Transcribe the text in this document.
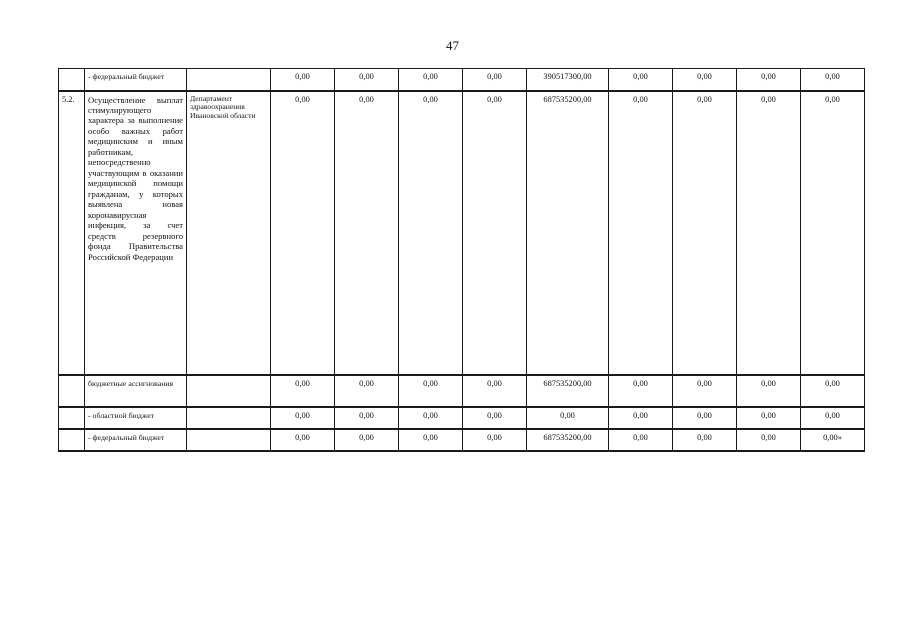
47
	- федеральный бюджет		0,00	0,00	0,00	0,00	390517300,00	0,00	0,00	0,00	0,00
5.2.	Осуществление выплат стимулирующего характера за выполнение особо важных работ медицинским и иным работникам, непосредственно участвующим в оказании медицинской помощи гражданам, у которых выявлена новая коронавирусная инфекция, за счет средств резервного фонда Правительства Российской Федерации	Департамент здравоохранения Ивановской области	0,00	0,00	0,00	0,00	687535200,00	0,00	0,00	0,00	0,00
	бюджетные ассигнования		0,00	0,00	0,00	0,00	687535200,00	0,00	0,00	0,00	0,00
	- областной бюджет		0,00	0,00	0,00	0,00	0,00	0,00	0,00	0,00	0,00
	- федеральный бюджет		0,00	0,00	0,00	0,00	687535200,00	0,00	0,00	0,00	0,00»
